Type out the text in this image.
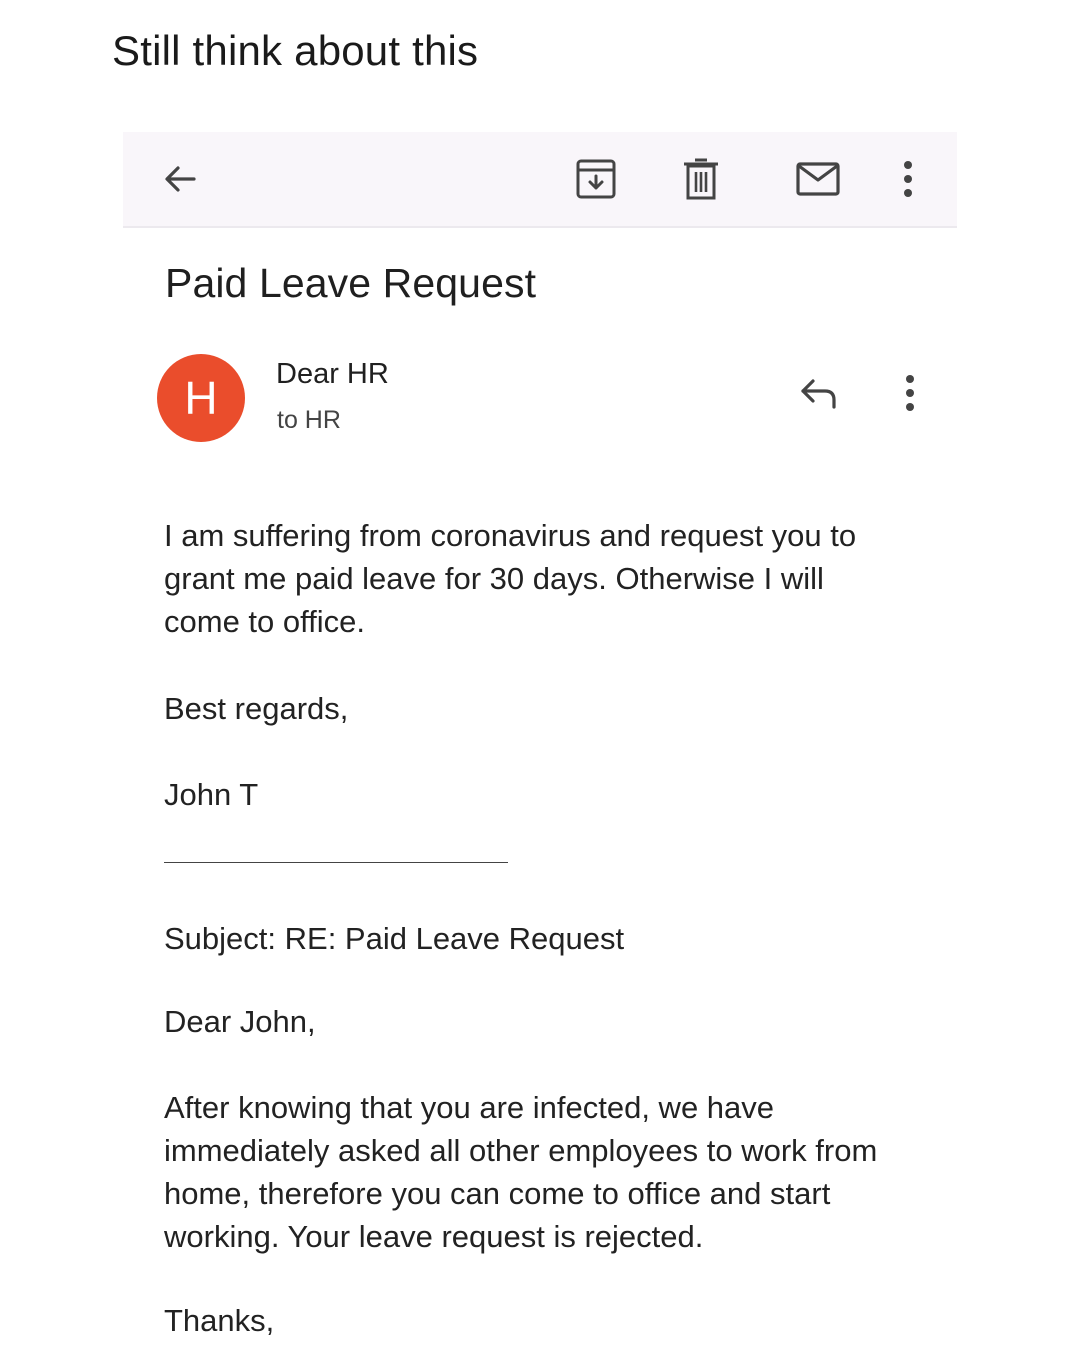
Still think about this
Paid Leave Request
H Dear HR
to HR

I am suffering from coronavirus and request you to grant me paid leave for 30 days. Otherwise I will come to office.

Best regards,
John T
Subject: RE: Paid Leave Request
Dear John,

After knowing that you are infected, we have immediately asked all other employees to work from home, therefore you can come to office and start working. Your leave request is rejected.

Thanks,
